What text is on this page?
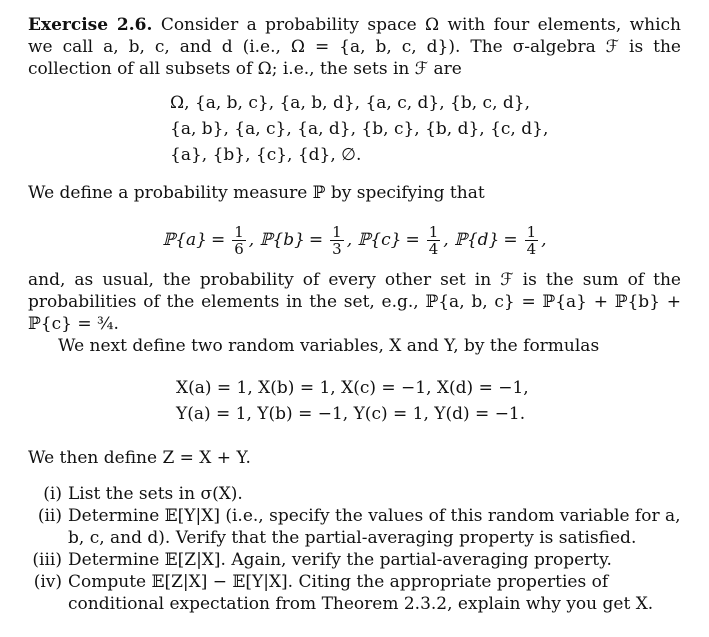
Exercise 2.6. Consider a probability space Ω with four elements, which we call a, b, c, and d (i.e., Ω = {a, b, c, d}). The σ-algebra ℱ is the collection of all subsets of Ω; i.e., the sets in ℱ are

Ω, {a, b, c}, {a, b, d}, {a, c, d}, {b, c, d},
{a, b}, {a, c}, {a, d}, {b, c}, {b, d}, {c, d},
{a}, {b}, {c}, {d}, ∅.

We define a probability measure ℙ by specifying that

ℙ{a} = $\frac{1}{6}$ ,
ℙ{b} = $\frac{1}{3}$ ,
ℙ{c} = $\frac{1}{4}$ ,
ℙ{d} = $\frac{1}{4}$ ,

and, as usual, the probability of every other set in ℱ is the sum of the probabilities of the elements in the set, e.g., ℙ{a, b, c} = ℙ{a} + ℙ{b} + ℙ{c} = ¾.

We next define two random variables, X and Y, by the formulas

X(a) = 1, X(b) = 1, X(c) = −1, X(d) = −1,
Y(a) = 1, Y(b) = −1, Y(c) = 1, Y(d) = −1.

We then define Z = X + Y.

(i) List the sets in σ(X).
(ii) Determine 𝔼[Y|X] (i.e., specify the values of this random variable for a, b, c, and d). Verify that the partial-averaging property is satisfied.
(iii) Determine 𝔼[Z|X]. Again, verify the partial-averaging property.
(iv) Compute 𝔼[Z|X] − 𝔼[Y|X]. Citing the appropriate properties of conditional expectation from Theorem 2.3.2, explain why you get X.
